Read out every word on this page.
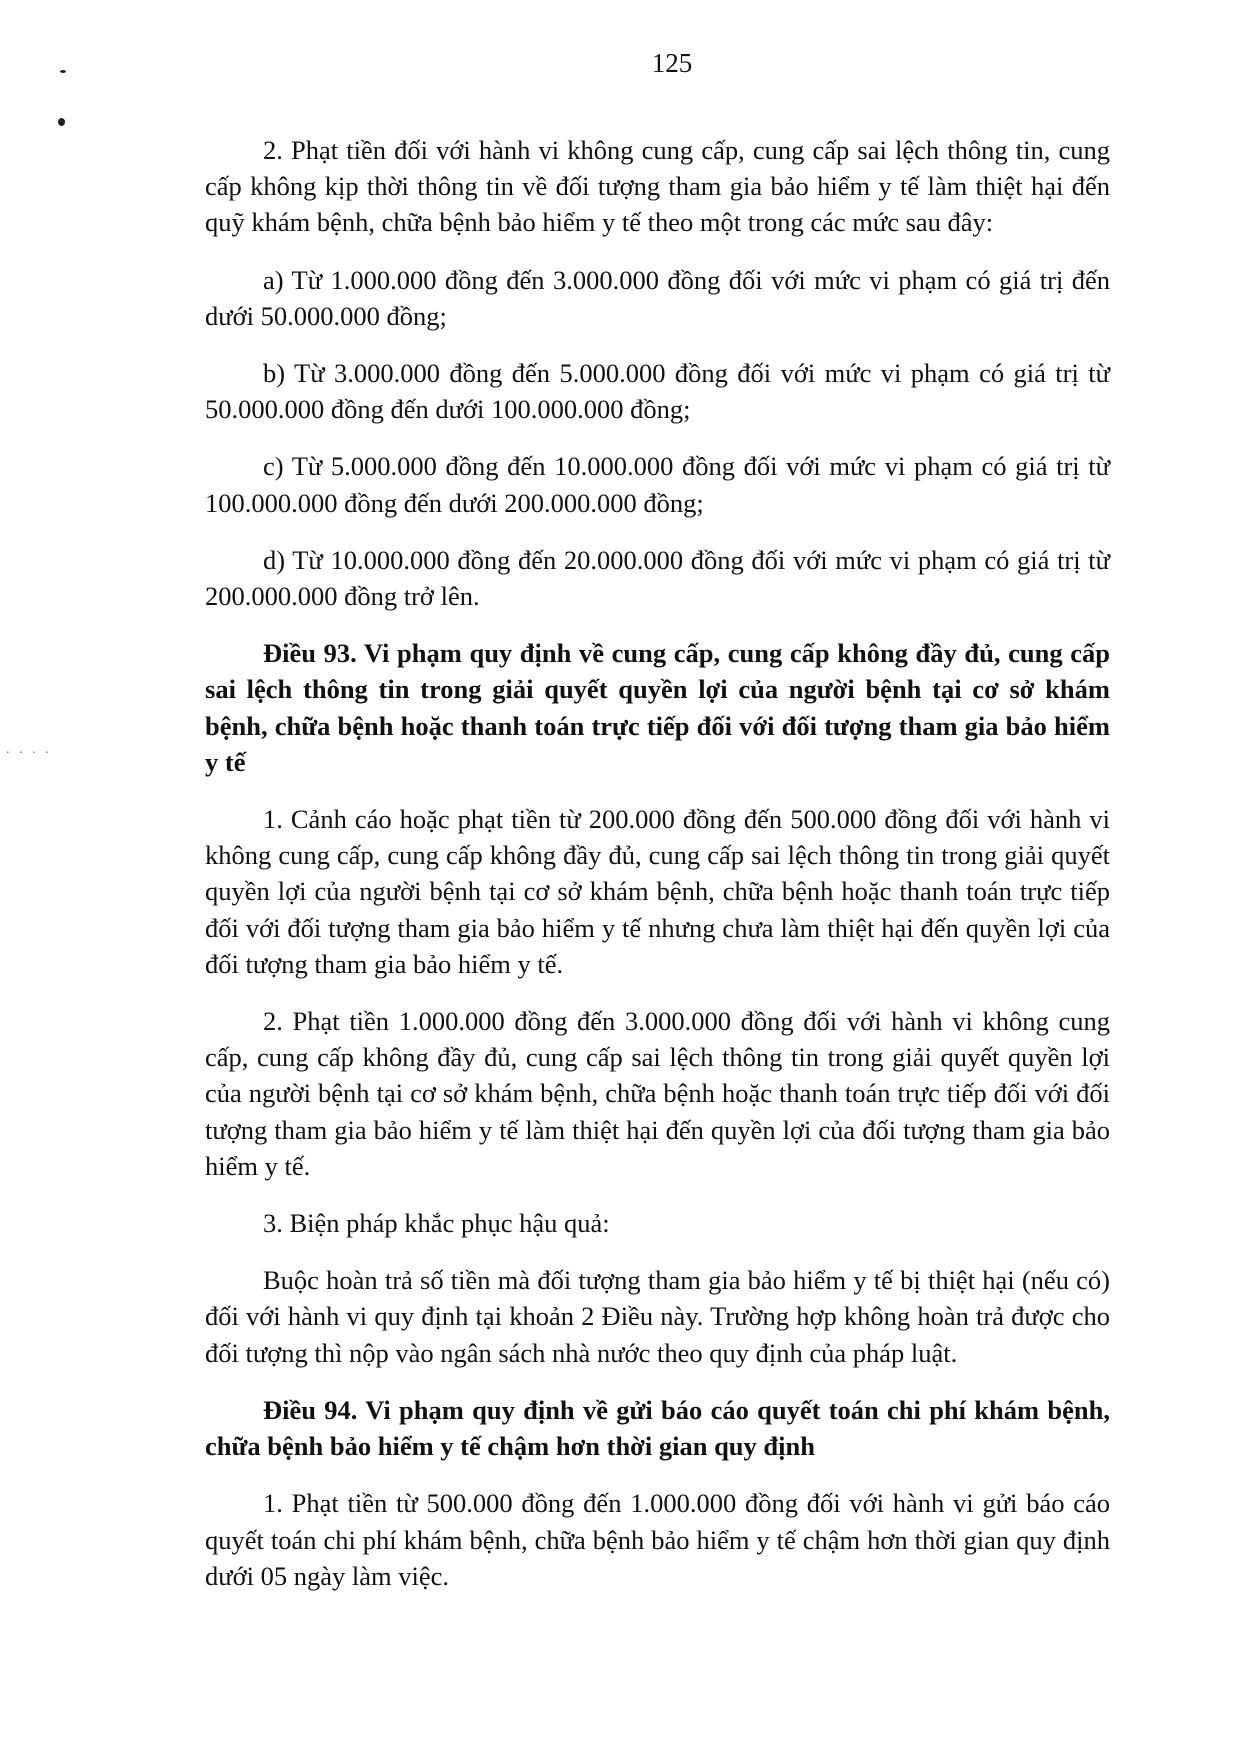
125
. . . .

2. Phạt tiền đối với hành vi không cung cấp, cung cấp sai lệch thông tin, cung cấp không kịp thời thông tin về đối tượng tham gia bảo hiểm y tế làm thiệt hại đến quỹ khám bệnh, chữa bệnh bảo hiểm y tế theo một trong các mức sau đây:

a) Từ 1.000.000 đồng đến 3.000.000 đồng đối với mức vi phạm có giá trị đến dưới 50.000.000 đồng;

b) Từ 3.000.000 đồng đến 5.000.000 đồng đối với mức vi phạm có giá trị từ 50.000.000 đồng đến dưới 100.000.000 đồng;

c) Từ 5.000.000 đồng đến 10.000.000 đồng đối với mức vi phạm có giá trị từ 100.000.000 đồng đến dưới 200.000.000 đồng;

d) Từ 10.000.000 đồng đến 20.000.000 đồng đối với mức vi phạm có giá trị từ 200.000.000 đồng trở lên.

Điều 93. Vi phạm quy định về cung cấp, cung cấp không đầy đủ, cung cấp sai lệch thông tin trong giải quyết quyền lợi của người bệnh tại cơ sở khám bệnh, chữa bệnh hoặc thanh toán trực tiếp đối với đối tượng tham gia bảo hiểm y tế

1. Cảnh cáo hoặc phạt tiền từ 200.000 đồng đến 500.000 đồng đối với hành vi không cung cấp, cung cấp không đầy đủ, cung cấp sai lệch thông tin trong giải quyết quyền lợi của người bệnh tại cơ sở khám bệnh, chữa bệnh hoặc thanh toán trực tiếp đối với đối tượng tham gia bảo hiểm y tế nhưng chưa làm thiệt hại đến quyền lợi của đối tượng tham gia bảo hiểm y tế.

2. Phạt tiền 1.000.000 đồng đến 3.000.000 đồng đối với hành vi không cung cấp, cung cấp không đầy đủ, cung cấp sai lệch thông tin trong giải quyết quyền lợi của người bệnh tại cơ sở khám bệnh, chữa bệnh hoặc thanh toán trực tiếp đối với đối tượng tham gia bảo hiểm y tế làm thiệt hại đến quyền lợi của đối tượng tham gia bảo hiểm y tế.

3. Biện pháp khắc phục hậu quả:

Buộc hoàn trả số tiền mà đối tượng tham gia bảo hiểm y tế bị thiệt hại (nếu có) đối với hành vi quy định tại khoản 2 Điều này. Trường hợp không hoàn trả được cho đối tượng thì nộp vào ngân sách nhà nước theo quy định của pháp luật.

Điều 94. Vi phạm quy định về gửi báo cáo quyết toán chi phí khám bệnh, chữa bệnh bảo hiểm y tế chậm hơn thời gian quy định

1. Phạt tiền từ 500.000 đồng đến 1.000.000 đồng đối với hành vi gửi báo cáo quyết toán chi phí khám bệnh, chữa bệnh bảo hiểm y tế chậm hơn thời gian quy định dưới 05 ngày làm việc.
